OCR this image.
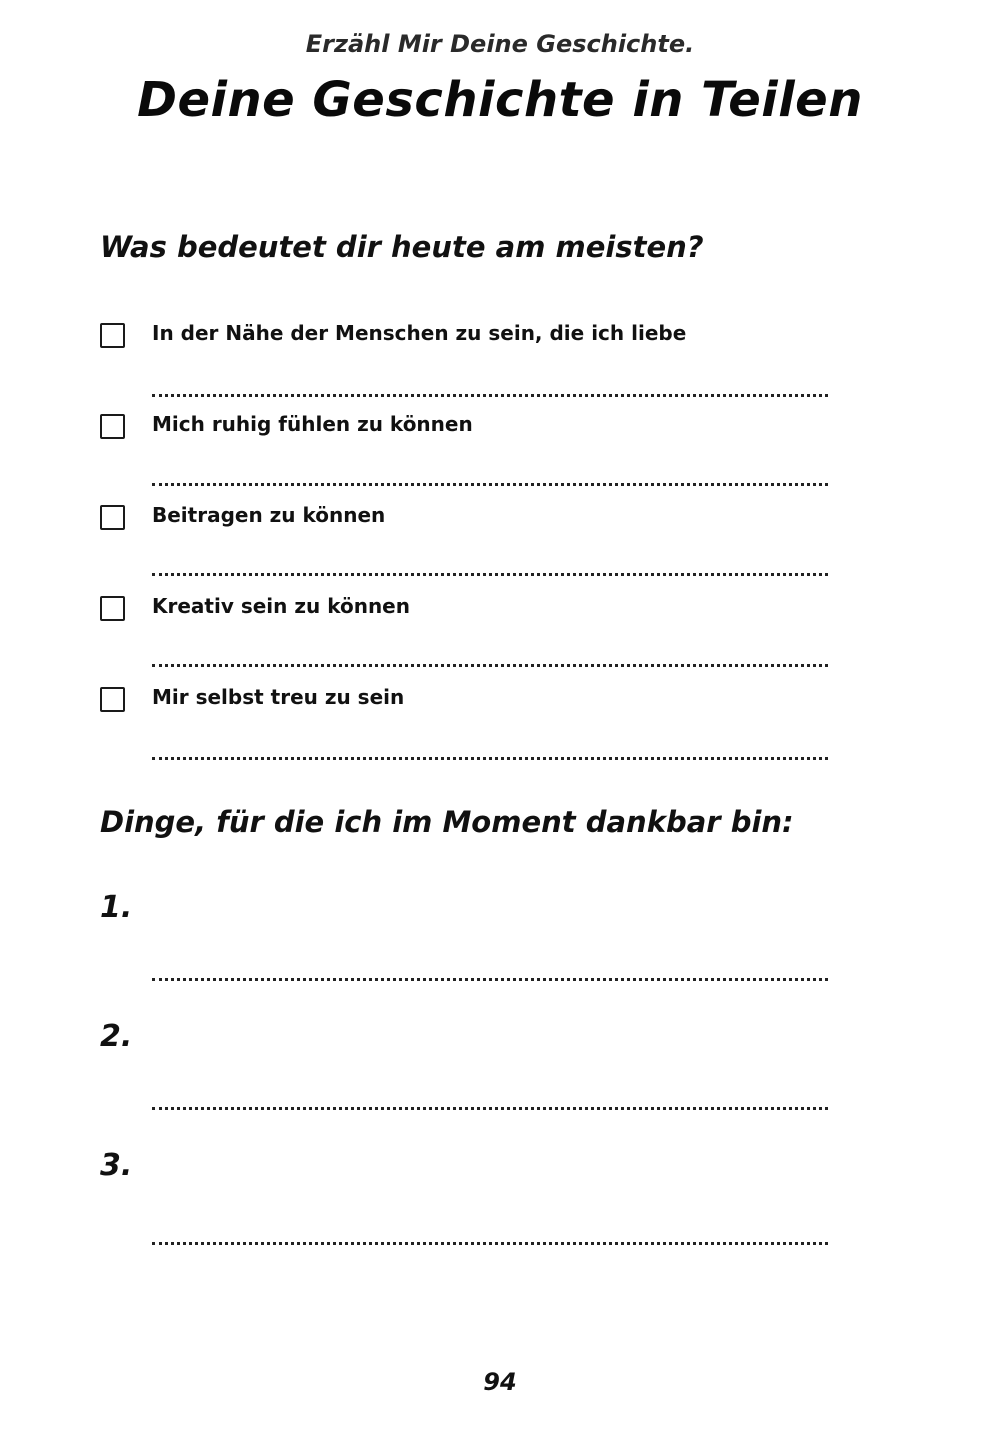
Erzähl Mir Deine Geschichte.
Deine Geschichte in Teilen
Was bedeutet dir heute am meisten?
In der Nähe der Menschen zu sein, die ich liebe
Mich ruhig fühlen zu können
Beitragen zu können
Kreativ sein zu können
Mir selbst treu zu sein
Dinge, für die ich im Moment dankbar bin:
1.
2.
3.
94
